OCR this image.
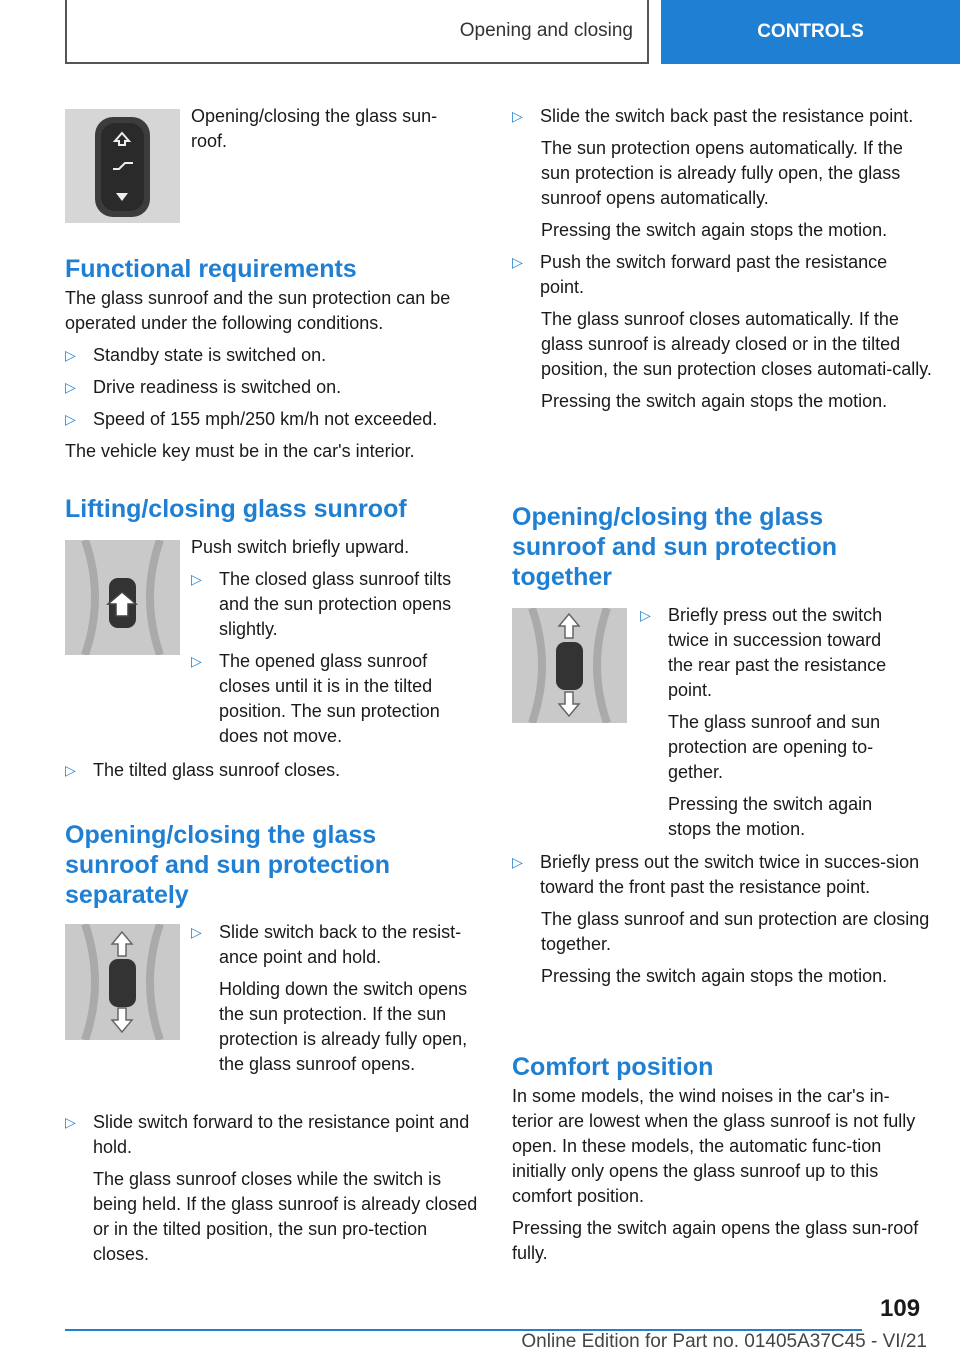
Opening and closing	CONTROLS
Opening/closing the glass sun-
roof.
Functional requirements

The glass sunroof and the sun protection can be operated under the following conditions.

▷ Standby state is switched on.
▷ Drive readiness is switched on.
▷ Speed of 155 mph/250 km/h not exceeded.

The vehicle key must be in the car's interior.

Lifting/closing glass sunroof

Push switch briefly upward.

▷ The closed glass sunroof tilts and the sun protection opens slightly.
▷ The opened glass sunroof closes until it is in the tilted position. The sun protection does not move.
▷ The tilted glass sunroof closes.
Opening/closing the glass
sunroof and sun protection
separately
▷ Slide switch back to the resist-ance point and hold.

Holding down the switch opens the sun protection. If the sun protection is already fully open, the glass sunroof opens.

▷ Slide switch forward to the resistance point and hold.

The glass sunroof closes while the switch is being held. If the glass sunroof is already closed or in the tilted position, the sun pro-tection closes.

▷ Slide the switch back past the resistance point.

The sun protection opens automatically. If the sun protection is already fully open, the glass sunroof opens automatically.

Pressing the switch again stops the motion.

▷ Push the switch forward past the resistance point.

The glass sunroof closes automatically. If the glass sunroof is already closed or in the tilted position, the sun protection closes automati-cally.

Pressing the switch again stops the motion.

Opening/closing the glass
sunroof and sun protection
together
▷ Briefly press out the switch twice in succession toward the rear past the resistance point.

The glass sunroof and sun protection are opening to-gether.

Pressing the switch again stops the motion.

▷ Briefly press out the switch twice in succes-sion toward the front past the resistance point.

The glass sunroof and sun protection are closing together.

Pressing the switch again stops the motion.

Comfort position

In some models, the wind noises in the car's in-terior are lowest when the glass sunroof is not fully open. In these models, the automatic func-tion initially only opens the glass sunroof up to this comfort position.

Pressing the switch again opens the glass sun-roof fully.

109
Online Edition for Part no. 01405A37C45 - VI/21
